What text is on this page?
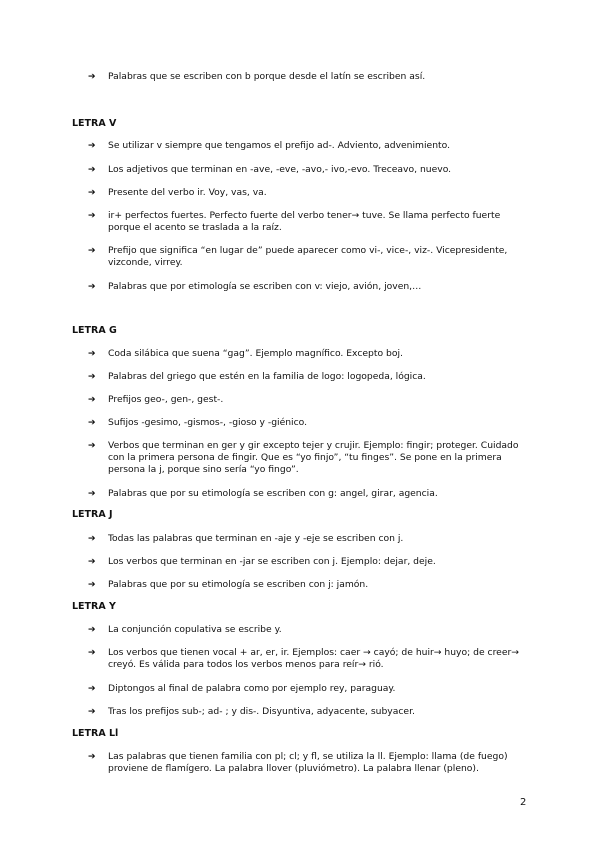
➔	Palabras que se escriben con b porque desde el latín se escriben así.
LETRA V
➔	Se utilizar v siempre que tengamos el prefijo ad-. Adviento, advenimiento.
➔	Los adjetivos que terminan en -ave, -eve, -avo,- ivo,-evo. Treceavo, nuevo.
➔	Presente del verbo ir. Voy, vas, va.
➔	ir+ perfectos fuertes. Perfecto fuerte del verbo tener→ tuve. Se llama perfecto fuerte porque el acento se traslada a la raíz.
➔	Prefijo que significa “en lugar de” puede aparecer como vi-, vice-, viz-. Vicepresidente, vizconde, virrey.
➔	Palabras que por etimología se escriben con v: viejo, avión, joven,…
LETRA G
➔	Coda silábica que suena “gag”. Ejemplo magnífico. Excepto boj.
➔	Palabras del griego que estén en la familia de logo: logopeda, lógica.
➔	Prefijos geo-, gen-, gest-.
➔	Sufijos -gesimo, -gismos-, -gioso y -giénico.
➔	Verbos que terminan en ger y gir excepto tejer y crujir. Ejemplo: fingir; proteger. Cuidado con la primera persona de fingir. Que es “yo finjo”, “tu finges”. Se pone en la primera persona la j, porque sino sería “yo fingo”.
➔	Palabras que por su etimología se escriben con g: angel, girar, agencia.
LETRA J
➔	Todas las palabras que terminan en -aje y -eje se escriben con j.
➔	Los verbos que terminan en -jar se escriben con j. Ejemplo: dejar, deje.
➔	Palabras que por su etimología se escriben con j: jamón.
LETRA Y
➔	La conjunción copulativa se escribe y.
➔	Los verbos que tienen vocal + ar, er, ir. Ejemplos: caer → cayó; de huir→ huyo; de creer→ creyó. Es válida para todos los verbos menos para reír→ rió.
➔	Diptongos al final de palabra como por ejemplo rey, paraguay.
➔	Tras los prefijos sub-; ad- ; y dis-. Disyuntiva, adyacente, subyacer.
LETRA Ll
➔	Las palabras que tienen familia con pl; cl; y fl, se utiliza la ll. Ejemplo: llama (de fuego) proviene de flamígero. La palabra llover (pluviómetro). La palabra llenar (pleno).
2
